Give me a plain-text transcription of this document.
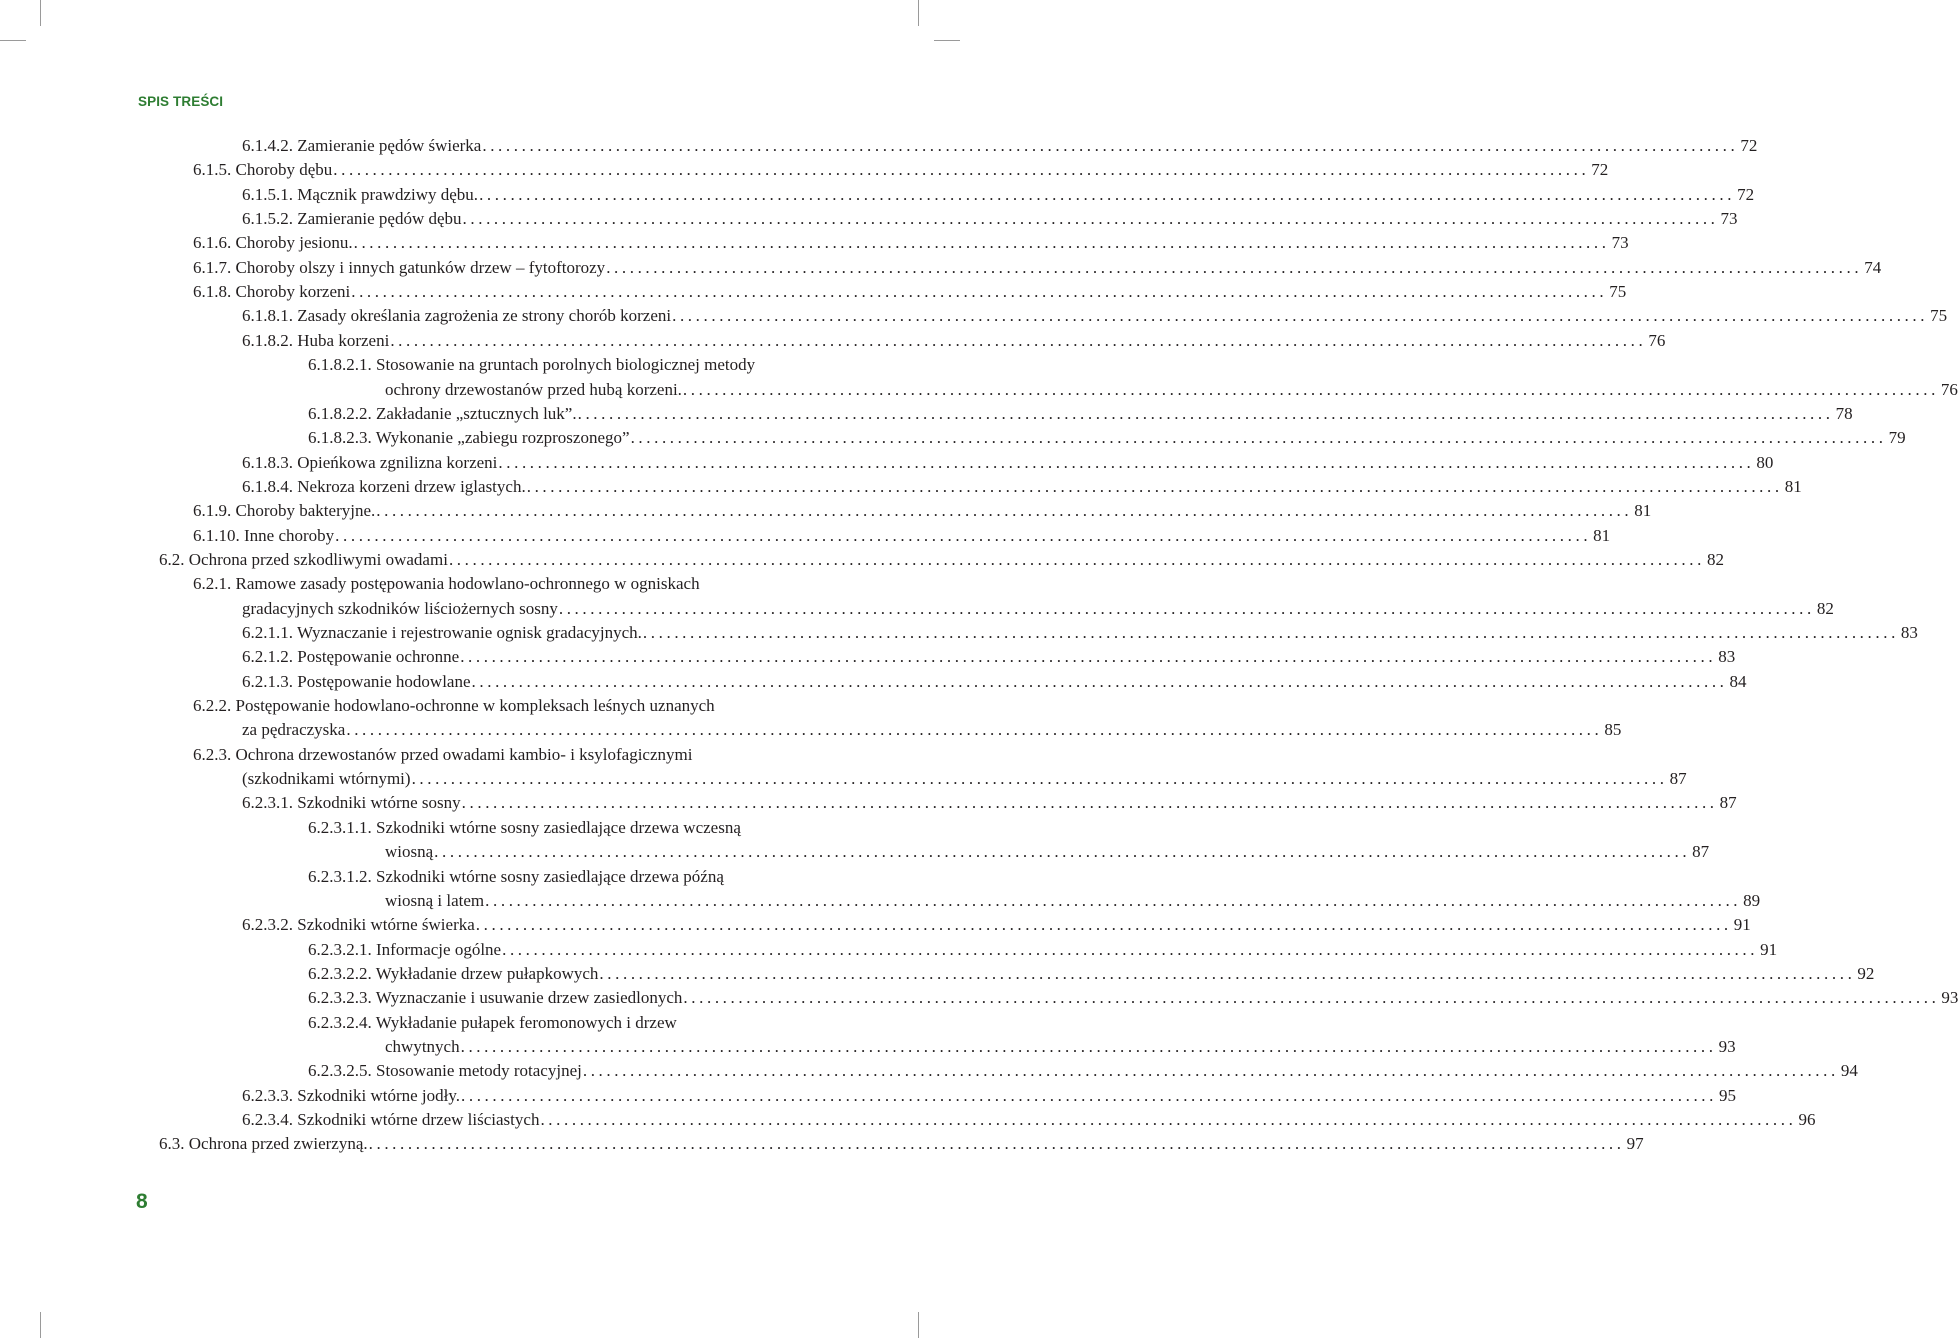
SPIS TREŚCI
6.1.4.2. Zamieranie pędów świerka ................................................................................................................................................................ 72
6.1.5. Choroby dębu ................................................................................................................................................................ 72
6.1.5.1. Mącznik prawdziwy dębu. ................................................................................................................................................................ 72
6.1.5.2. Zamieranie pędów dębu ................................................................................................................................................................ 73
6.1.6. Choroby jesionu. ................................................................................................................................................................ 73
6.1.7. Choroby olszy i innych gatunków drzew – fytoftorozy ................................................................................................................................................................ 74
6.1.8. Choroby korzeni ................................................................................................................................................................ 75
6.1.8.1. Zasady określania zagrożenia ze strony chorób korzeni ................................................................................................................................................................ 75
6.1.8.2. Huba korzeni ................................................................................................................................................................ 76
6.1.8.2.1. Stosowanie na gruntach porolnych biologicznej metody
ochrony drzewostanów przed hubą korzeni. ................................................................................................................................................................ 76
6.1.8.2.2. Zakładanie „sztucznych luk”. ................................................................................................................................................................ 78
6.1.8.2.3. Wykonanie „zabiegu rozproszonego” ................................................................................................................................................................ 79
6.1.8.3. Opieńkowa zgnilizna korzeni ................................................................................................................................................................ 80
6.1.8.4. Nekroza korzeni drzew iglastych. ................................................................................................................................................................ 81
6.1.9. Choroby bakteryjne. ................................................................................................................................................................ 81
6.1.10. Inne choroby ................................................................................................................................................................ 81
6.2. Ochrona przed szkodliwymi owadami ................................................................................................................................................................ 82
6.2.1. Ramowe zasady postępowania hodowlano-ochronnego w ogniskach
gradacyjnych szkodników liściożernych sosny ................................................................................................................................................................ 82
6.2.1.1. Wyznaczanie i rejestrowanie ognisk gradacyjnych. ................................................................................................................................................................ 83
6.2.1.2. Postępowanie ochronne ................................................................................................................................................................ 83
6.2.1.3. Postępowanie hodowlane ................................................................................................................................................................ 84
6.2.2. Postępowanie hodowlano-ochronne w kompleksach leśnych uznanych
za pędraczyska ................................................................................................................................................................ 85
6.2.3. Ochrona drzewostanów przed owadami kambio- i ksylofagicznymi
(szkodnikami wtórnymi) ................................................................................................................................................................ 87
6.2.3.1. Szkodniki wtórne sosny ................................................................................................................................................................ 87
6.2.3.1.1. Szkodniki wtórne sosny zasiedlające drzewa wczesną
wiosną ................................................................................................................................................................ 87
6.2.3.1.2. Szkodniki wtórne sosny zasiedlające drzewa późną
wiosną i latem ................................................................................................................................................................ 89
6.2.3.2. Szkodniki wtórne świerka ................................................................................................................................................................ 91
6.2.3.2.1. Informacje ogólne ................................................................................................................................................................ 91
6.2.3.2.2. Wykładanie drzew pułapkowych ................................................................................................................................................................ 92
6.2.3.2.3. Wyznaczanie i usuwanie drzew zasiedlonych ................................................................................................................................................................ 93
6.2.3.2.4. Wykładanie pułapek feromonowych i drzew
chwytnych ................................................................................................................................................................ 93
6.2.3.2.5. Stosowanie metody rotacyjnej ................................................................................................................................................................ 94
6.2.3.3. Szkodniki wtórne jodły. ................................................................................................................................................................ 95
6.2.3.4. Szkodniki wtórne drzew liściastych ................................................................................................................................................................ 96
6.3. Ochrona przed zwierzyną. ................................................................................................................................................................ 97
8
